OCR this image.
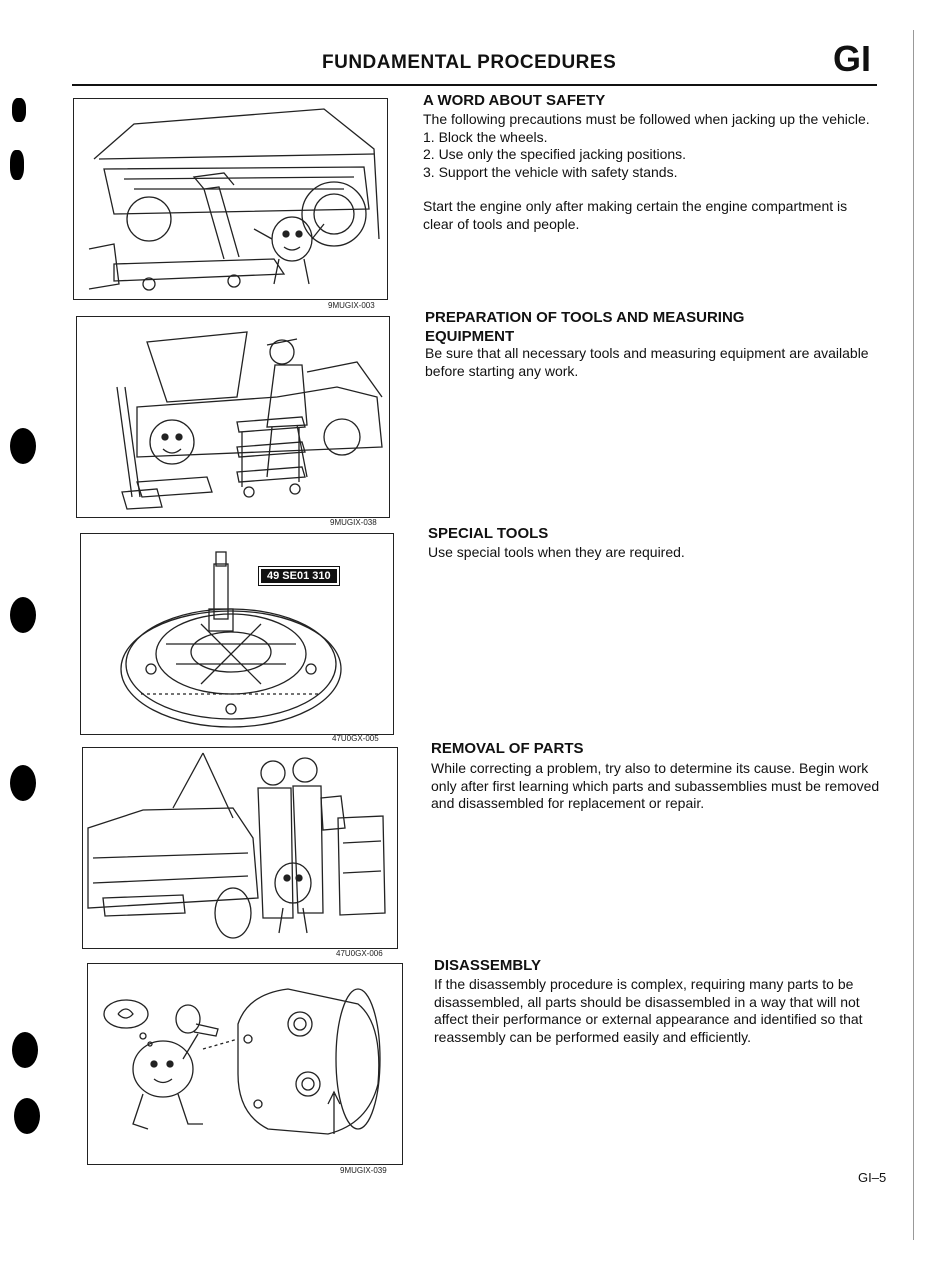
FUNDAMENTAL PROCEDURES	GI
9MUGIX-003
9MUGIX-038
49 SE01 310
47U0GX-005
47U0GX-006
9MUGIX-039
A WORD ABOUT SAFETY

The following precautions must be followed when jacking up the vehicle.

1. Block the wheels.
2. Use only the specified jacking positions.
3. Support the vehicle with safety stands.

Start the engine only after making certain the engine compartment is clear of tools and people.

PREPARATION OF TOOLS AND MEASURING EQUIPMENT
Be sure that all necessary tools and measuring equipment are available before starting any work.
SPECIAL TOOLS
Use special tools when they are required.
REMOVAL OF PARTS
While correcting a problem, try also to determine its cause. Begin work only after first learning which parts and subassemblies must be removed and disassembled for replacement or repair.
DISASSEMBLY
If the disassembly procedure is complex, requiring many parts to be disassembled, all parts should be disassembled in a way that will not affect their performance or external appearance and identified so that reassembly can be performed easily and efficiently.
GI–5
